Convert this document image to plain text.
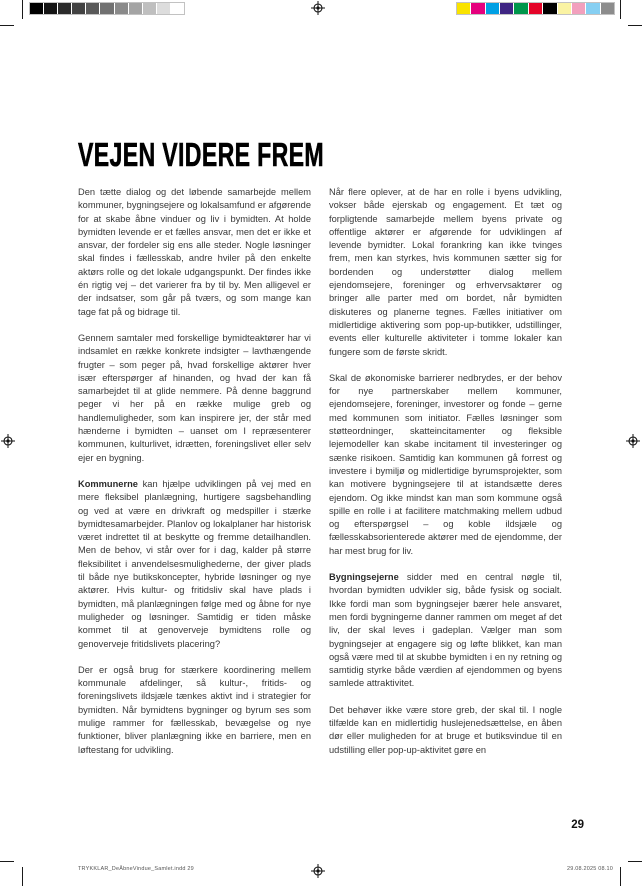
VEJEN VIDERE FREM

Den tætte dialog og det løbende samarbejde mellem kommuner, bygningsejere og lokalsamfund er afgørende for at skabe åbne vinduer og liv i bymidten. At holde bymidten levende er et fælles ansvar, men det er ikke et ansvar, der fordeler sig ens alle steder. Nogle løsninger skal findes i fællesskab, andre hviler på den enkelte aktørs rolle og det lokale udgangspunkt. Der findes ikke én rigtig vej – det varierer fra by til by. Men alligevel er der indsatser, som går på tværs, og som mange kan tage fat på og bidrage til.

Gennem samtaler med forskellige bymidteaktører har vi indsamlet en række konkrete indsigter – lavthængende frugter – som peger på, hvad forskellige aktører hver især efterspørger af hinanden, og hvad der kan få samarbejdet til at glide nemmere. På denne baggrund peger vi her på en række mulige greb og handlemuligheder, som kan inspirere jer, der står med hænderne i bymidten – uanset om I repræsenterer kommunen, kulturlivet, idrætten, foreningslivet eller selv ejer en bygning.

Kommunerne kan hjælpe udviklingen på vej med en mere fleksibel planlægning, hurtigere sagsbehandling og ved at være en drivkraft og medspiller i stærke bymidtesamarbejder. Planlov og lokalplaner har historisk været indrettet til at beskytte og fremme detailhandlen. Men de behov, vi står over for i dag, kalder på større fleksibilitet i anvendelsesmulighederne, der giver plads til både nye butikskoncepter, hybride løsninger og nye aktører. Hvis kultur- og fritidsliv skal have plads i bymidten, må planlægningen følge med og åbne for nye muligheder og løsninger. Samtidig er tiden måske kommet til at genoverveje bymidtens rolle og genoverveje fritidslivets placering?

Der er også brug for stærkere koordinering mellem kommunale afdelinger, så kultur-, fritids- og foreningslivets ildsjæle tænkes aktivt ind i strategier for bymidten. Når bymidtens bygninger og byrum ses som mulige rammer for fællesskab, bevægelse og nye funktioner, bliver planlægning ikke en barriere, men en løftestang for udvikling.

Når flere oplever, at de har en rolle i byens udvikling, vokser både ejerskab og engagement. Et tæt og forpligtende samarbejde mellem byens private og offentlige aktører er afgørende for udviklingen af levende bymidter. Lokal forankring kan ikke tvinges frem, men kan styrkes, hvis kommunen sætter sig for bordenden og understøtter dialog mellem ejendomsejere, foreninger og erhvervsaktører og bringer alle parter med om bordet, når bymidten diskuteres og planerne tegnes. Fælles initiativer om midlertidige aktivering som pop-up-butikker, udstillinger, events eller kulturelle aktiviteter i tomme lokaler kan fungere som de første skridt.

Skal de økonomiske barrierer nedbrydes, er der behov for nye partnerskaber mellem kommuner, ejendomsejere, foreninger, investorer og fonde – gerne med kommunen som initiator. Fælles løsninger som støtteordninger, skatteincitamenter og fleksible lejemodeller kan skabe incitament til investeringer og sænke risikoen. Samtidig kan kommunen gå forrest og investere i bymiljø og midlertidige byrumsprojekter, som kan motivere bygningsejere til at istandsætte deres ejendom. Og ikke mindst kan man som kommune også spille en rolle i at facilitere matchmaking mellem udbud og efterspørgsel – og koble ildsjæle og fællesskabsorienterede aktører med de ejendomme, der har mest brug for liv.

Bygningsejerne sidder med en central nøgle til, hvordan bymidten udvikler sig, både fysisk og socialt. Ikke fordi man som bygningsejer bærer hele ansvaret, men fordi bygningerne danner rammen om meget af det liv, der skal leves i gadeplan. Vælger man som bygningsejer at engagere sig og løfte blikket, kan man også være med til at skubbe bymidten i en ny retning og samtidig styrke både værdien af ejendommen og byens samlede attraktivitet.

Det behøver ikke være store greb, der skal til. I nogle tilfælde kan en midlertidig huslejenedsættelse, en åben dør eller muligheden for at bruge et butiksvindue til en udstilling eller pop-up-aktivitet gøre en

29
TRYKKLAR_DeÅbneVindue_Samlet.indd 29	29.08.2025 08.10
